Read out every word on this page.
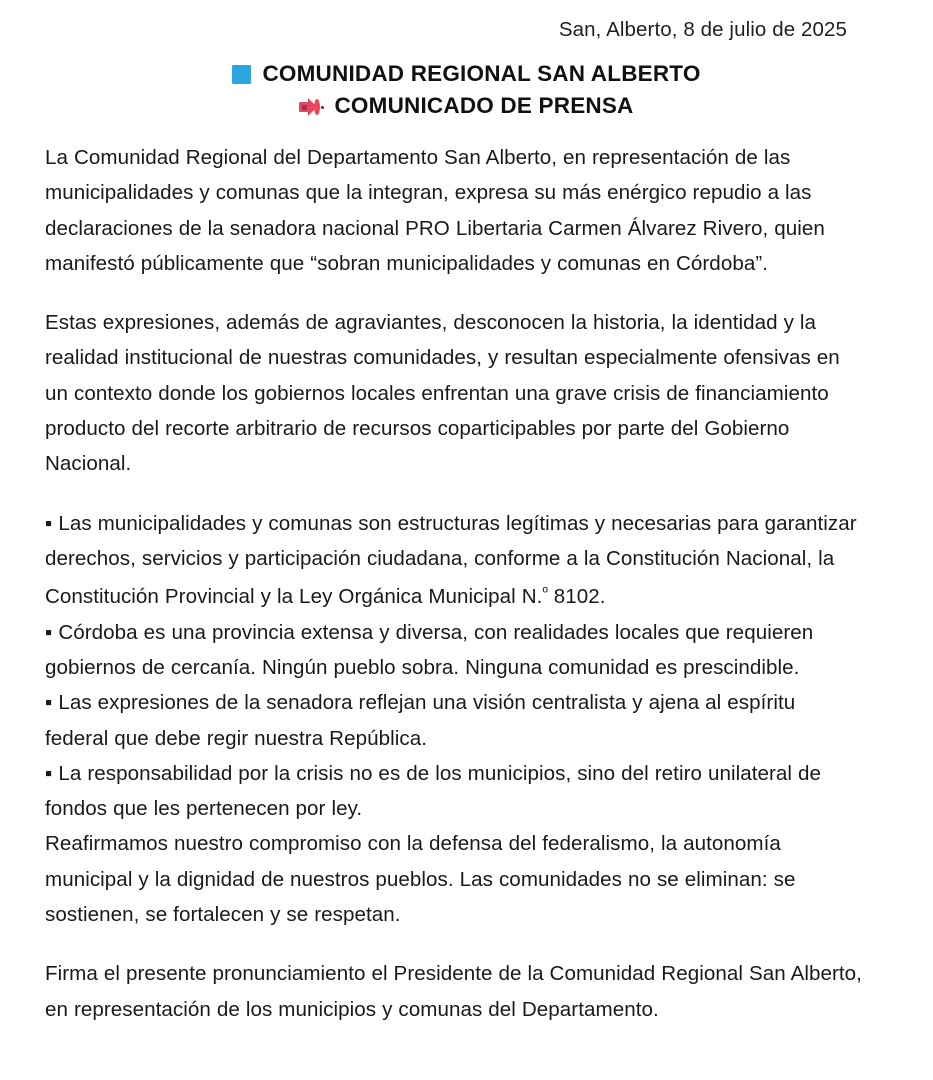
San, Alberto, 8 de julio de 2025
COMUNIDAD REGIONAL SAN ALBERTO
COMUNICADO DE PRENSA

La Comunidad Regional del Departamento San Alberto, en representación de las municipalidades y comunas que la integran, expresa su más enérgico repudio a las declaraciones de la senadora nacional PRO Libertaria Carmen Álvarez Rivero, quien manifestó públicamente que “sobran municipalidades y comunas en Córdoba”.

Estas expresiones, además de agraviantes, desconocen la historia, la identidad y la realidad institucional de nuestras comunidades, y resultan especialmente ofensivas en un contexto donde los gobiernos locales enfrentan una grave crisis de financiamiento producto del recorte arbitrario de recursos coparticipables por parte del Gobierno Nacional.

▪ Las municipalidades y comunas son estructuras legítimas y necesarias para garantizar derechos, servicios y participación ciudadana, conforme a la Constitución Nacional, la Constitución Provincial y la Ley Orgánica Municipal N.$^º$ 8102.

▪ Córdoba es una provincia extensa y diversa, con realidades locales que requieren gobiernos de cercanía. Ningún pueblo sobra. Ninguna comunidad es prescindible.

▪ Las expresiones de la senadora reflejan una visión centralista y ajena al espíritu federal que debe regir nuestra República.

▪ La responsabilidad por la crisis no es de los municipios, sino del retiro unilateral de fondos que les pertenecen por ley.

Reafirmamos nuestro compromiso con la defensa del federalismo, la autonomía municipal y la dignidad de nuestros pueblos. Las comunidades no se eliminan: se sostienen, se fortalecen y se respetan.

Firma el presente pronunciamiento el Presidente de la Comunidad Regional San Alberto, en representación de los municipios y comunas del Departamento.
